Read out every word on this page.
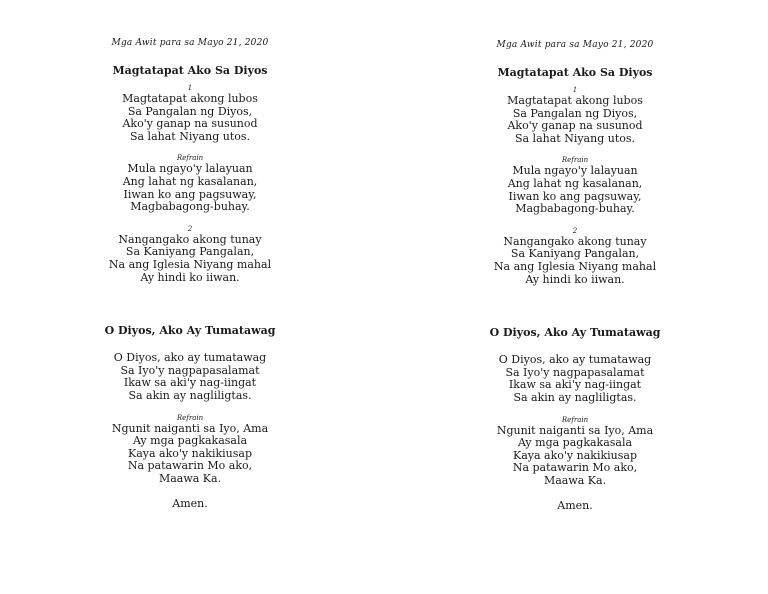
Mga Awit para sa Mayo 21, 2020
Magtatapat Ako Sa Diyos
1
Magtatapat akong lubos
Sa Pangalan ng Diyos,
Ako'y ganap na susunod
Sa lahat Niyang utos.
Refrain
Mula ngayo'y lalayuan
Ang lahat ng kasalanan,
Iiwan ko ang pagsuway,
Magbabagong-buhay.
2
Nangangako akong tunay
Sa Kaniyang Pangalan,
Na ang Iglesia Niyang mahal
Ay hindi ko iiwan.
O Diyos, Ako Ay Tumatawag
O Diyos, ako ay tumatawag
Sa Iyo'y nagpapasalamat
Ikaw sa aki'y nag-iingat
Sa akin ay nagliligtas.
Refrain
Ngunit naiganti sa Iyo, Ama
Ay mga pagkakasala
Kaya ako'y nakikiusap
Na patawarin Mo ako,
Maawa Ka.
Amen.
Mga Awit para sa Mayo 21, 2020
Magtatapat Ako Sa Diyos
1
Magtatapat akong lubos
Sa Pangalan ng Diyos,
Ako'y ganap na susunod
Sa lahat Niyang utos.
Refrain
Mula ngayo'y lalayuan
Ang lahat ng kasalanan,
Iiwan ko ang pagsuway,
Magbabagong-buhay.
2
Nangangako akong tunay
Sa Kaniyang Pangalan,
Na ang Iglesia Niyang mahal
Ay hindi ko iiwan.
O Diyos, Ako Ay Tumatawag
O Diyos, ako ay tumatawag
Sa Iyo'y nagpapasalamat
Ikaw sa aki'y nag-iingat
Sa akin ay nagliligtas.
Refrain
Ngunit naiganti sa Iyo, Ama
Ay mga pagkakasala
Kaya ako'y nakikiusap
Na patawarin Mo ako,
Maawa Ka.
Amen.
